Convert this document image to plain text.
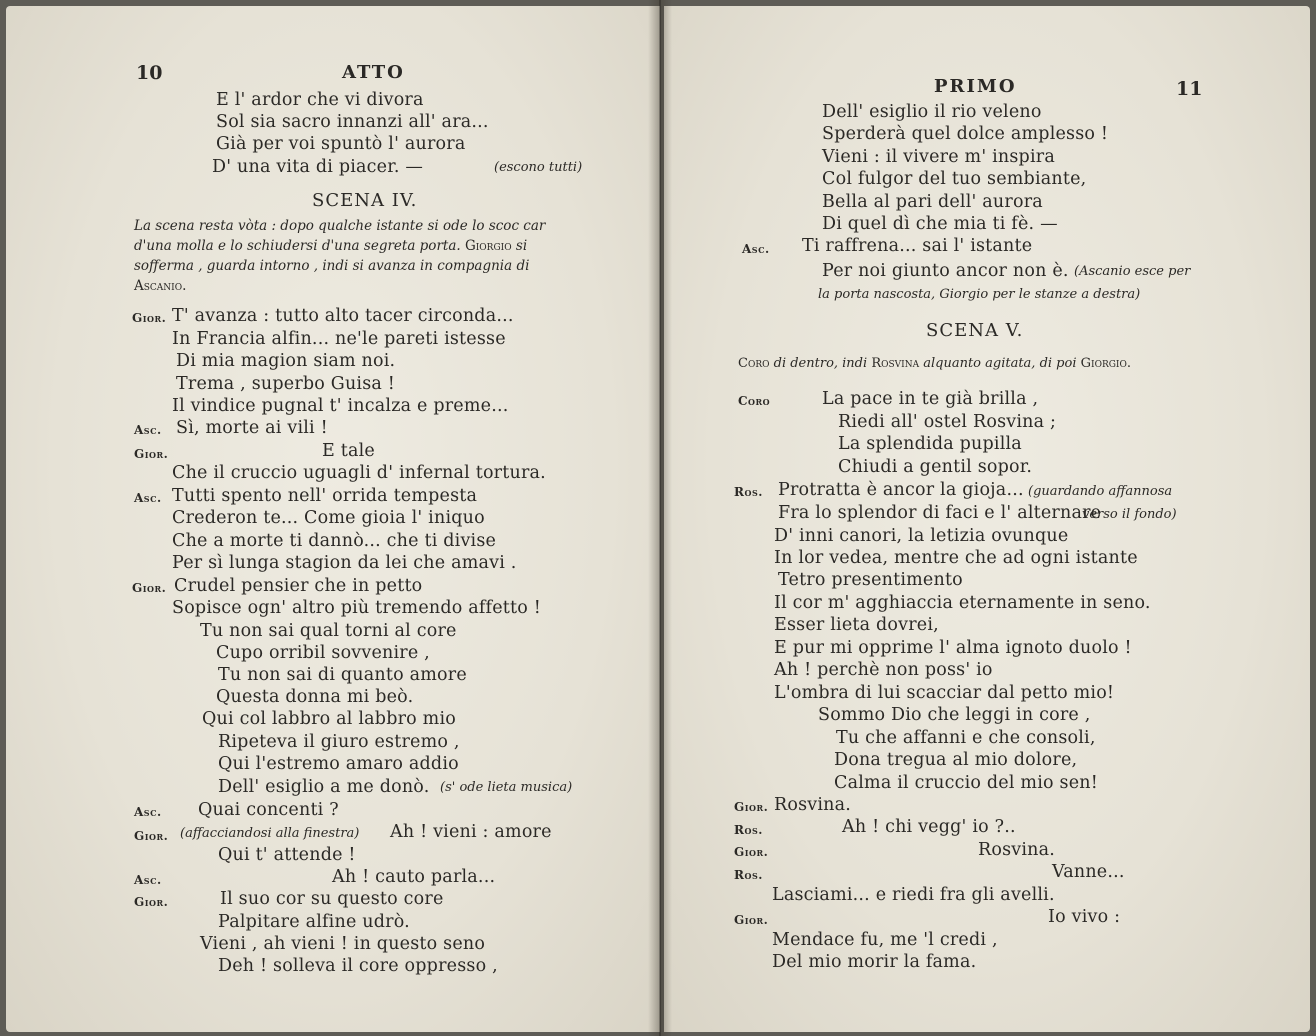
10	ATTO
E l' ardor che vi divora
Sol sia sacro innanzi all' ara...
Già per voi spuntò l' aurora
D' una vita di piacer. —	(escono tutti)
SCENA IV.
La scena resta vòta : dopo qualche istante si ode lo scoc car
d'una molla e lo schiudersi d'una segreta porta. Giorgio si
sofferma , guarda intorno , indi si avanza in compagnia di
Ascanio.
Gior. T' avanza : tutto alto tacer circonda...
In Francia alfin... ne'le pareti istesse
Di mia magion siam noi.
Trema , superbo Guisa !
Il vindice pugnal t' incalza e preme...
Asc. Sì, morte ai vili !
Gior.	E tale
Che il cruccio uguagli d' infernal tortura.
Asc. Tutti spento nell' orrida tempesta
Crederon te... Come gioia l' iniquo
Che a morte ti dannò... che ti divise
Per sì lunga stagion da lei che amavi .
Gior. Crudel pensier che in petto
Sopisce ogn' altro più tremendo affetto !
Tu non sai qual torni al core
Cupo orribil sovvenire ,
Tu non sai di quanto amore
Questa donna mi beò.
Qui col labbro al labbro mio
Ripeteva il giuro estremo ,
Qui l'estremo amaro addio
Dell' esiglio a me donò. (s' ode lieta musica)
Asc. Quai concenti ?
Gior. (affacciandosi alla finestra) Ah ! vieni : amore
Qui t' attende !
Asc.	Ah ! cauto parla...
Gior.	Il suo cor su questo core
Palpitare alfine udrò.
Vieni , ah vieni ! in questo seno
Deh ! solleva il core oppresso ,
PRIMO	11
Dell' esiglio il rio veleno
Sperderà quel dolce amplesso !
Vieni : il vivere m' inspira
Col fulgor del tuo sembiante,
Bella al pari dell' aurora
Di quel dì che mia ti fè. —
Asc. Ti raffrena... sai l' istante
Per noi giunto ancor non è. (Ascanio esce per
la porta nascosta, Giorgio per le stanze a destra)
SCENA V.
Coro di dentro, indi Rosvina alquanto agitata, di poi Giorgio.
Coro	La pace in te già brilla ,
Riedi all' ostel Rosvina ;
La splendida pupilla
Chiudi a gentil sopor.
Ros. Protratta è ancor la gioja... (guardando affannosa
Fra lo splendor di faci e l' alternare
verso il fondo)
D' inni canori, la letizia ovunque
In lor vedea, mentre che ad ogni istante
Tetro presentimento
Il cor m' agghiaccia eternamente in seno.
Esser lieta dovrei,
E pur mi opprime l' alma ignoto duolo !
Ah ! perchè non poss' io
L'ombra di lui scacciar dal petto mio!
Sommo Dio che leggi in core ,
Tu che affanni e che consoli,
Dona tregua al mio dolore,
Calma il cruccio del mio sen!
Gior. Rosvina.
Ros.	Ah ! chi vegg' io ?..
Gior.	Rosvina.
Ros.	Vanne...
Lasciami... e riedi fra gli avelli.
Gior.	Io vivo :
Mendace fu, me 'l credi ,
Del mio morir la fama.
